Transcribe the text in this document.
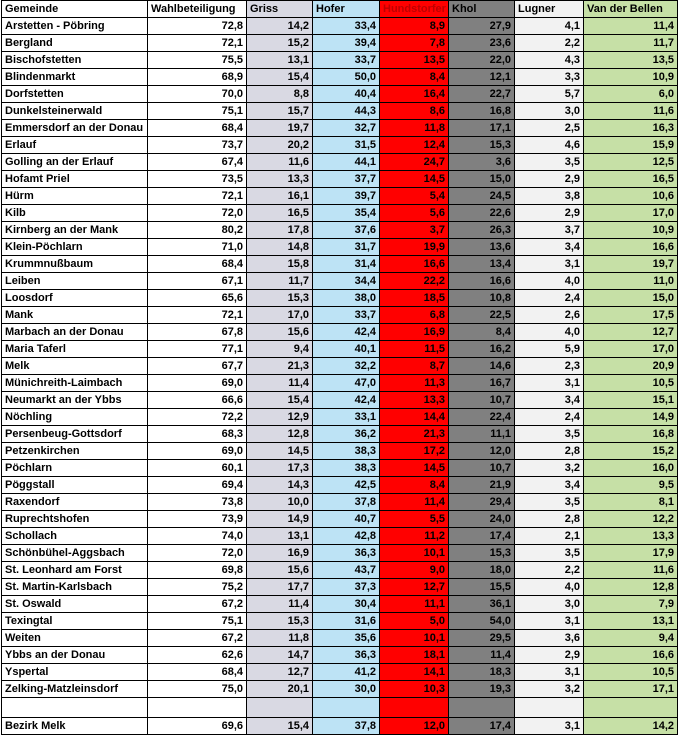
Gemeinde	Wahlbeteiligung	Griss	Hofer	Hundstorfer	Khol	Lugner	Van der Bellen
Arstetten - Pöbring	72,8	14,2	33,4	8,9	27,9	4,1	11,4
Bergland	72,1	15,2	39,4	7,8	23,6	2,2	11,7
Bischofstetten	75,5	13,1	33,7	13,5	22,0	4,3	13,5
Blindenmarkt	68,9	15,4	50,0	8,4	12,1	3,3	10,9
Dorfstetten	70,0	8,8	40,4	16,4	22,7	5,7	6,0
Dunkelsteinerwald	75,1	15,7	44,3	8,6	16,8	3,0	11,6
Emmersdorf an der Donau	68,4	19,7	32,7	11,8	17,1	2,5	16,3
Erlauf	73,7	20,2	31,5	12,4	15,3	4,6	15,9
Golling an der Erlauf	67,4	11,6	44,1	24,7	3,6	3,5	12,5
Hofamt Priel	73,5	13,3	37,7	14,5	15,0	2,9	16,5
Hürm	72,1	16,1	39,7	5,4	24,5	3,8	10,6
Kilb	72,0	16,5	35,4	5,6	22,6	2,9	17,0
Kirnberg an der Mank	80,2	17,8	37,6	3,7	26,3	3,7	10,9
Klein-Pöchlarn	71,0	14,8	31,7	19,9	13,6	3,4	16,6
Krummnußbaum	68,4	15,8	31,4	16,6	13,4	3,1	19,7
Leiben	67,1	11,7	34,4	22,2	16,6	4,0	11,0
Loosdorf	65,6	15,3	38,0	18,5	10,8	2,4	15,0
Mank	72,1	17,0	33,7	6,8	22,5	2,6	17,5
Marbach an der Donau	67,8	15,6	42,4	16,9	8,4	4,0	12,7
Maria Taferl	77,1	9,4	40,1	11,5	16,2	5,9	17,0
Melk	67,7	21,3	32,2	8,7	14,6	2,3	20,9
Münichreith-Laimbach	69,0	11,4	47,0	11,3	16,7	3,1	10,5
Neumarkt an der Ybbs	66,6	15,4	42,4	13,3	10,7	3,4	15,1
Nöchling	72,2	12,9	33,1	14,4	22,4	2,4	14,9
Persenbeug-Gottsdorf	68,3	12,8	36,2	21,3	11,1	3,5	16,8
Petzenkirchen	69,0	14,5	38,3	17,2	12,0	2,8	15,2
Pöchlarn	60,1	17,3	38,3	14,5	10,7	3,2	16,0
Pöggstall	69,4	14,3	42,5	8,4	21,9	3,4	9,5
Raxendorf	73,8	10,0	37,8	11,4	29,4	3,5	8,1
Ruprechtshofen	73,9	14,9	40,7	5,5	24,0	2,8	12,2
Schollach	74,0	13,1	42,8	11,2	17,4	2,1	13,3
Schönbühel-Aggsbach	72,0	16,9	36,3	10,1	15,3	3,5	17,9
St. Leonhard am Forst	69,8	15,6	43,7	9,0	18,0	2,2	11,6
St. Martin-Karlsbach	75,2	17,7	37,3	12,7	15,5	4,0	12,8
St. Oswald	67,2	11,4	30,4	11,1	36,1	3,0	7,9
Texingtal	75,1	15,3	31,6	5,0	54,0	3,1	13,1
Weiten	67,2	11,8	35,6	10,1	29,5	3,6	9,4
Ybbs an der Donau	62,6	14,7	36,3	18,1	11,4	2,9	16,6
Yspertal	68,4	12,7	41,2	14,1	18,3	3,1	10,5
Zelking-Matzleinsdorf	75,0	20,1	30,0	10,3	19,3	3,2	17,1

Bezirk Melk	69,6	15,4	37,8	12,0	17,4	3,1	14,2
